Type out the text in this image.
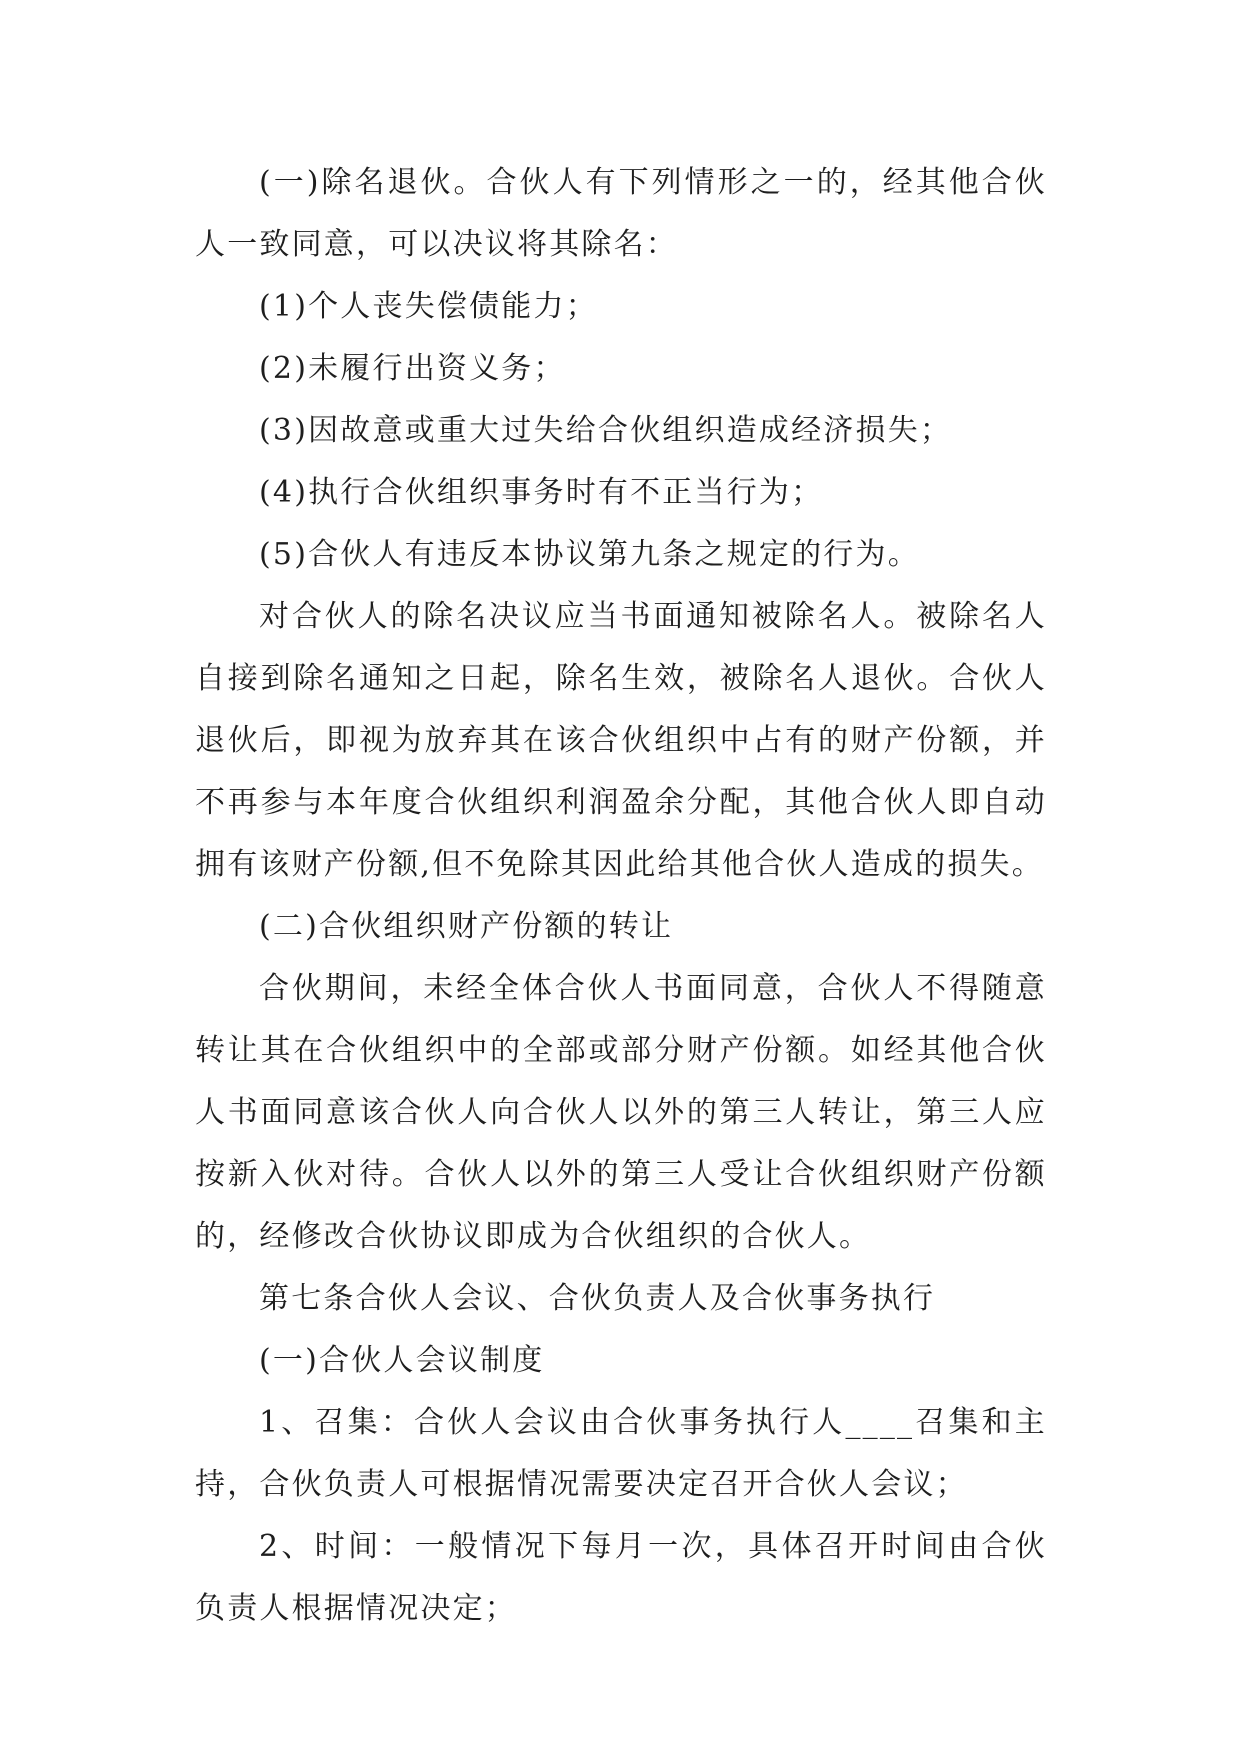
(一)除名退伙。合伙人有下列情形之一的，经其他合伙人一致同意，可以决议将其除名：

(1)个人丧失偿债能力；

(2)未履行出资义务；

(3)因故意或重大过失给合伙组织造成经济损失；

(4)执行合伙组织事务时有不正当行为；

(5)合伙人有违反本协议第九条之规定的行为。

对合伙人的除名决议应当书面通知被除名人。被除名人自接到除名通知之日起，除名生效，被除名人退伙。合伙人退伙后，即视为放弃其在该合伙组织中占有的财产份额，并不再参与本年度合伙组织利润盈余分配，其他合伙人即自动拥有该财产份额,但不免除其因此给其他合伙人造成的损失。

(二)合伙组织财产份额的转让

合伙期间，未经全体合伙人书面同意，合伙人不得随意转让其在合伙组织中的全部或部分财产份额。如经其他合伙人书面同意该合伙人向合伙人以外的第三人转让，第三人应按新入伙对待。合伙人以外的第三人受让合伙组织财产份额的，经修改合伙协议即成为合伙组织的合伙人。

第七条合伙人会议、合伙负责人及合伙事务执行

(一)合伙人会议制度

1、召集：合伙人会议由合伙事务执行人____召集和主持，合伙负责人可根据情况需要决定召开合伙人会议；

2、时间：一般情况下每月一次，具体召开时间由合伙负责人根据情况决定；
